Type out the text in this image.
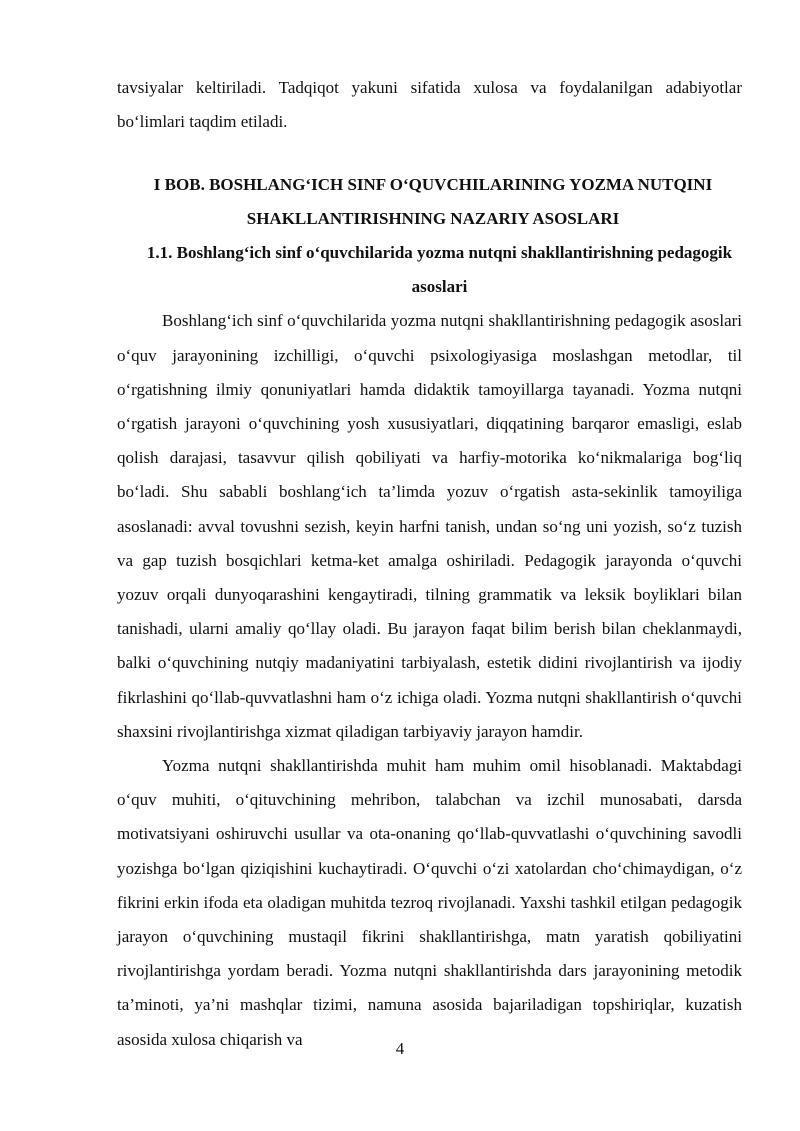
tavsiyalar keltiriladi. Tadqiqot yakuni sifatida xulosa va foydalanilgan adabiyotlar bo‘limlari taqdim etiladi.

I BOB. BOSHLANG‘ICH SINF O‘QUVCHILARINING YOZMA NUTQINI SHAKLLANTIRISHNING NAZARIY ASOSLARI
1.1. Boshlang‘ich sinf o‘quvchilarida yozma nutqni shakllantirishning pedagogik asoslari

Boshlang‘ich sinf o‘quvchilarida yozma nutqni shakllantirishning pedagogik asoslari o‘quv jarayonining izchilligi, o‘quvchi psixologiyasiga moslashgan metodlar, til o‘rgatishning ilmiy qonuniyatlari hamda didaktik tamoyillarga tayanadi. Yozma nutqni o‘rgatish jarayoni o‘quvchining yosh xususiyatlari, diqqatining barqaror emasligi, eslab qolish darajasi, tasavvur qilish qobiliyati va harfiy-motorika ko‘nikmalariga bog‘liq bo‘ladi. Shu sababli boshlang‘ich ta’limda yozuv o‘rgatish asta-sekinlik tamoyiliga asoslanadi: avval tovushni sezish, keyin harfni tanish, undan so‘ng uni yozish, so‘z tuzish va gap tuzish bosqichlari ketma-ket amalga oshiriladi. Pedagogik jarayonda o‘quvchi yozuv orqali dunyoqarashini kengaytiradi, tilning grammatik va leksik boyliklari bilan tanishadi, ularni amaliy qo‘llay oladi. Bu jarayon faqat bilim berish bilan cheklanmaydi, balki o‘quvchining nutqiy madaniyatini tarbiyalash, estetik didini rivojlantirish va ijodiy fikrlashini qo‘llab-quvvatlashni ham o‘z ichiga oladi. Yozma nutqni shakllantirish o‘quvchi shaxsini rivojlantirishga xizmat qiladigan tarbiyaviy jarayon hamdir.

Yozma nutqni shakllantirishda muhit ham muhim omil hisoblanadi. Maktabdagi o‘quv muhiti, o‘qituvchining mehribon, talabchan va izchil munosabati, darsda motivatsiyani oshiruvchi usullar va ota-onaning qo‘llab-quvvatlashi o‘quvchining savodli yozishga bo‘lgan qiziqishini kuchaytiradi. O‘quvchi o‘zi xatolardan cho‘chimaydigan, o‘z fikrini erkin ifoda eta oladigan muhitda tezroq rivojlanadi. Yaxshi tashkil etilgan pedagogik jarayon o‘quvchining mustaqil fikrini shakllantirishga, matn yaratish qobiliyatini rivojlantirishga yordam beradi. Yozma nutqni shakllantirishda dars jarayonining metodik ta’minoti, ya’ni mashqlar tizimi, namuna asosida bajariladigan topshiriqlar, kuzatish asosida xulosa chiqarish va	4
